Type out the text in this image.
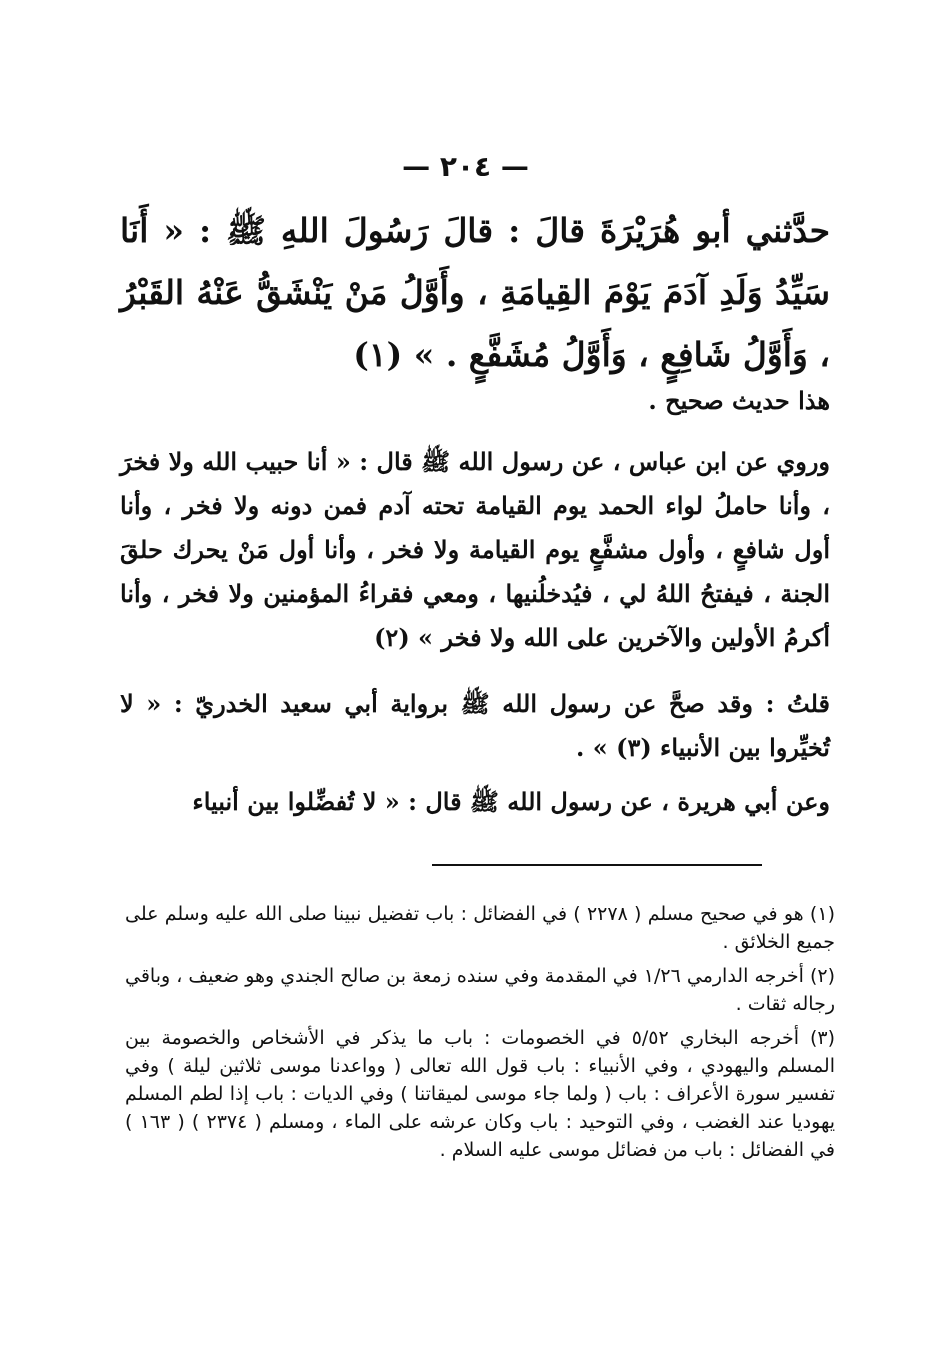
— ٢٠٤ —
حدَّثني أبو هُرَيْرَةَ قالَ : قالَ رَسُولَ اللهِ ﷺ : « أَنَا سَيِّدُ وَلَدِ آدَمَ يَوْمَ القِيامَةِ ، وأَوَّلُ مَنْ يَنْشَقُّ عَنْهُ القَبْرُ ، وَأَوَّلُ شَافِعٍ ، وَأَوَّلُ مُشَفَّعٍ . » (١)
هذا حديث صحيح .
وروي عن ابن عباس ، عن رسول الله ﷺ قال : « أنا حبيب الله ولا فخرَ ، وأنا حاملُ لواء الحمد يوم القيامة تحته آدم فمن دونه ولا فخر ، وأنا أول شافعٍ ، وأول مشفَّعٍ يوم القيامة ولا فخر ، وأنا أول مَنْ يحرك حلقَ الجنة ، فيفتحُ اللهُ لي ، فيُدخلُنيها ، ومعي فقراءُ المؤمنين ولا فخر ، وأنا أكرمُ الأولين والآخرين على الله ولا فخر » (٢)
قلتُ : وقد صحَّ عن رسول الله ﷺ برواية أبي سعيد الخدريّ : « لا تُخيِّروا بين الأنبياء (٣) » .
وعن أبي هريرة ، عن رسول الله ﷺ قال : « لا تُفضِّلوا بين أنبياء

(١) هو في صحيح مسلم ( ٢٢٧٨ ) في الفضائل : باب تفضيل نبينا صلى الله عليه وسلم على جميع الخلائق .

(٢) أخرجه الدارمي ١/٢٦ في المقدمة وفي سنده زمعة بن صالح الجندي وهو ضعيف ، وباقي رجاله ثقات .

(٣) أخرجه البخاري ٥/٥٢ في الخصومات : باب ما يذكر في الأشخاص والخصومة بين المسلم واليهودي ، وفي الأنبياء : باب قول الله تعالى ( وواعدنا موسى ثلاثين ليلة ) وفي تفسير سورة الأعراف : باب ( ولما جاء موسى لميقاتنا ) وفي الديات : باب إذا لطم المسلم يهوديا عند الغضب ، وفي التوحيد : باب وكان عرشه على الماء ، ومسلم ( ٢٣٧٤ ) ( ١٦٣ ) في الفضائل : باب من فضائل موسى عليه السلام .
